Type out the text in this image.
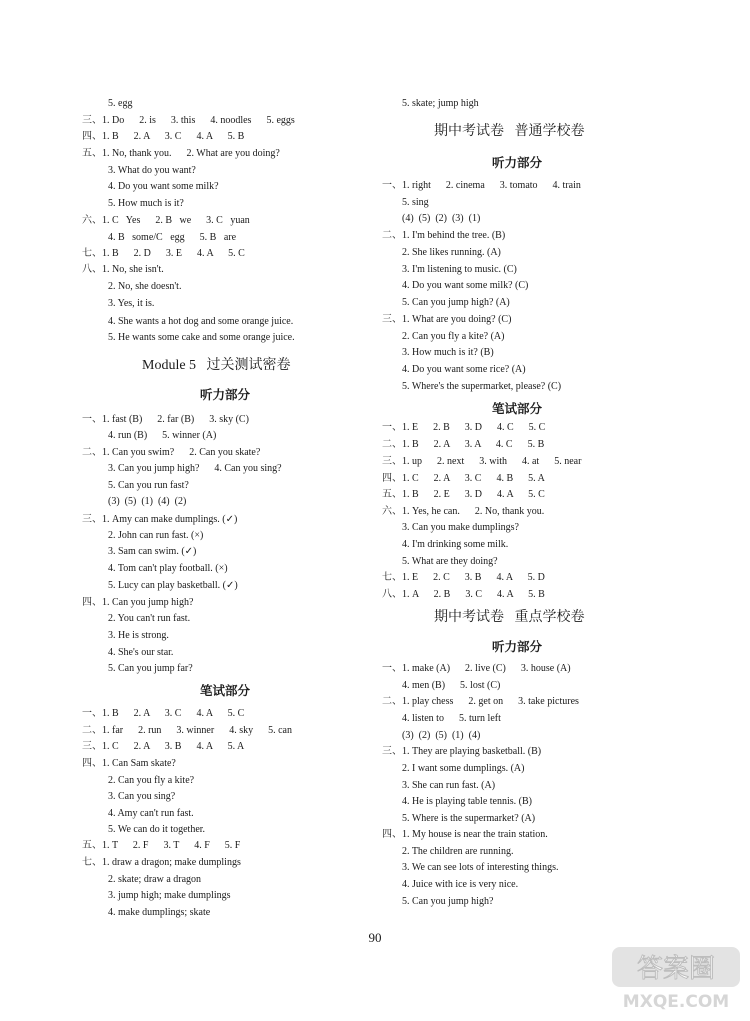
Module 5   过关测试密卷
听力部分
笔试部分
5. egg
三、1. Do      2. is      3. this      4. noodles      5. eggs
四、1. B      2. A      3. C      4. A      5. B
五、1. No, thank you.      2. What are you doing?
3. What do you want?
4. Do you want some milk?
5. How much is it?
六、1. C   Yes      2. B   we      3. C   yuan
4. B   some/C   egg      5. B   are
七、1. B      2. D      3. E      4. A      5. C
八、1. No, she isn't.
2. No, she doesn't.
3. Yes, it is.
4. She wants a hot dog and some orange juice.
5. He wants some cake and some orange juice.
一、1. fast (B)      2. far (B)      3. sky (C)
4. run (B)      5. winner (A)
二、1. Can you swim?      2. Can you skate?
3. Can you jump high?      4. Can you sing?
5. Can you run fast?
(3)  (5)  (1)  (4)  (2)
三、1. Amy can make dumplings. (✓)
2. John can run fast. (×)
3. Sam can swim. (✓)
4. Tom can't play football. (×)
5. Lucy can play basketball. (✓)
四、1. Can you jump high?
2. You can't run fast.
3. He is strong.
4. She's our star.
5. Can you jump far?
一、1. B      2. A      3. C      4. A      5. C
二、1. far      2. run      3. winner      4. sky      5. can
三、1. C      2. A      3. B      4. A      5. A
四、1. Can Sam skate?
2. Can you fly a kite?
3. Can you sing?
4. Amy can't run fast.
5. We can do it together.
五、1. T      2. F      3. T      4. F      5. F
七、1. draw a dragon; make dumplings
2. skate; draw a dragon
3. jump high; make dumplings
4. make dumplings; skate
期中考试卷   普通学校卷
听力部分
笔试部分
期中考试卷   重点学校卷
听力部分
5. skate; jump high
一、1. right      2. cinema      3. tomato      4. train
5. sing
(4)  (5)  (2)  (3)  (1)
二、1. I'm behind the tree. (B)
2. She likes running. (A)
3. I'm listening to music. (C)
4. Do you want some milk? (C)
5. Can you jump high? (A)
三、1. What are you doing? (C)
2. Can you fly a kite? (A)
3. How much is it? (B)
4. Do you want some rice? (A)
5. Where's the supermarket, please? (C)
一、1. E      2. B      3. D      4. C      5. C
二、1. B      2. A      3. A      4. C      5. B
三、1. up      2. next      3. with      4. at      5. near
四、1. C      2. A      3. C      4. B      5. A
五、1. B      2. E      3. D      4. A      5. C
六、1. Yes, he can.      2. No, thank you.
3. Can you make dumplings?
4. I'm drinking some milk.
5. What are they doing?
七、1. E      2. C      3. B      4. A      5. D
八、1. A      2. B      3. C      4. A      5. B
一、1. make (A)      2. live (C)      3. house (A)
4. men (B)      5. lost (C)
二、1. play chess      2. get on      3. take pictures
4. listen to      5. turn left
(3)  (2)  (5)  (1)  (4)
三、1. They are playing basketball. (B)
2. I want some dumplings. (A)
3. She can run fast. (A)
4. He is playing table tennis. (B)
5. Where is the supermarket? (A)
四、1. My house is near the train station.
2. The children are running.
3. We can see lots of interesting things.
4. Juice with ice is very nice.
5. Can you jump high?
90
答案圈
MXQE.COM
